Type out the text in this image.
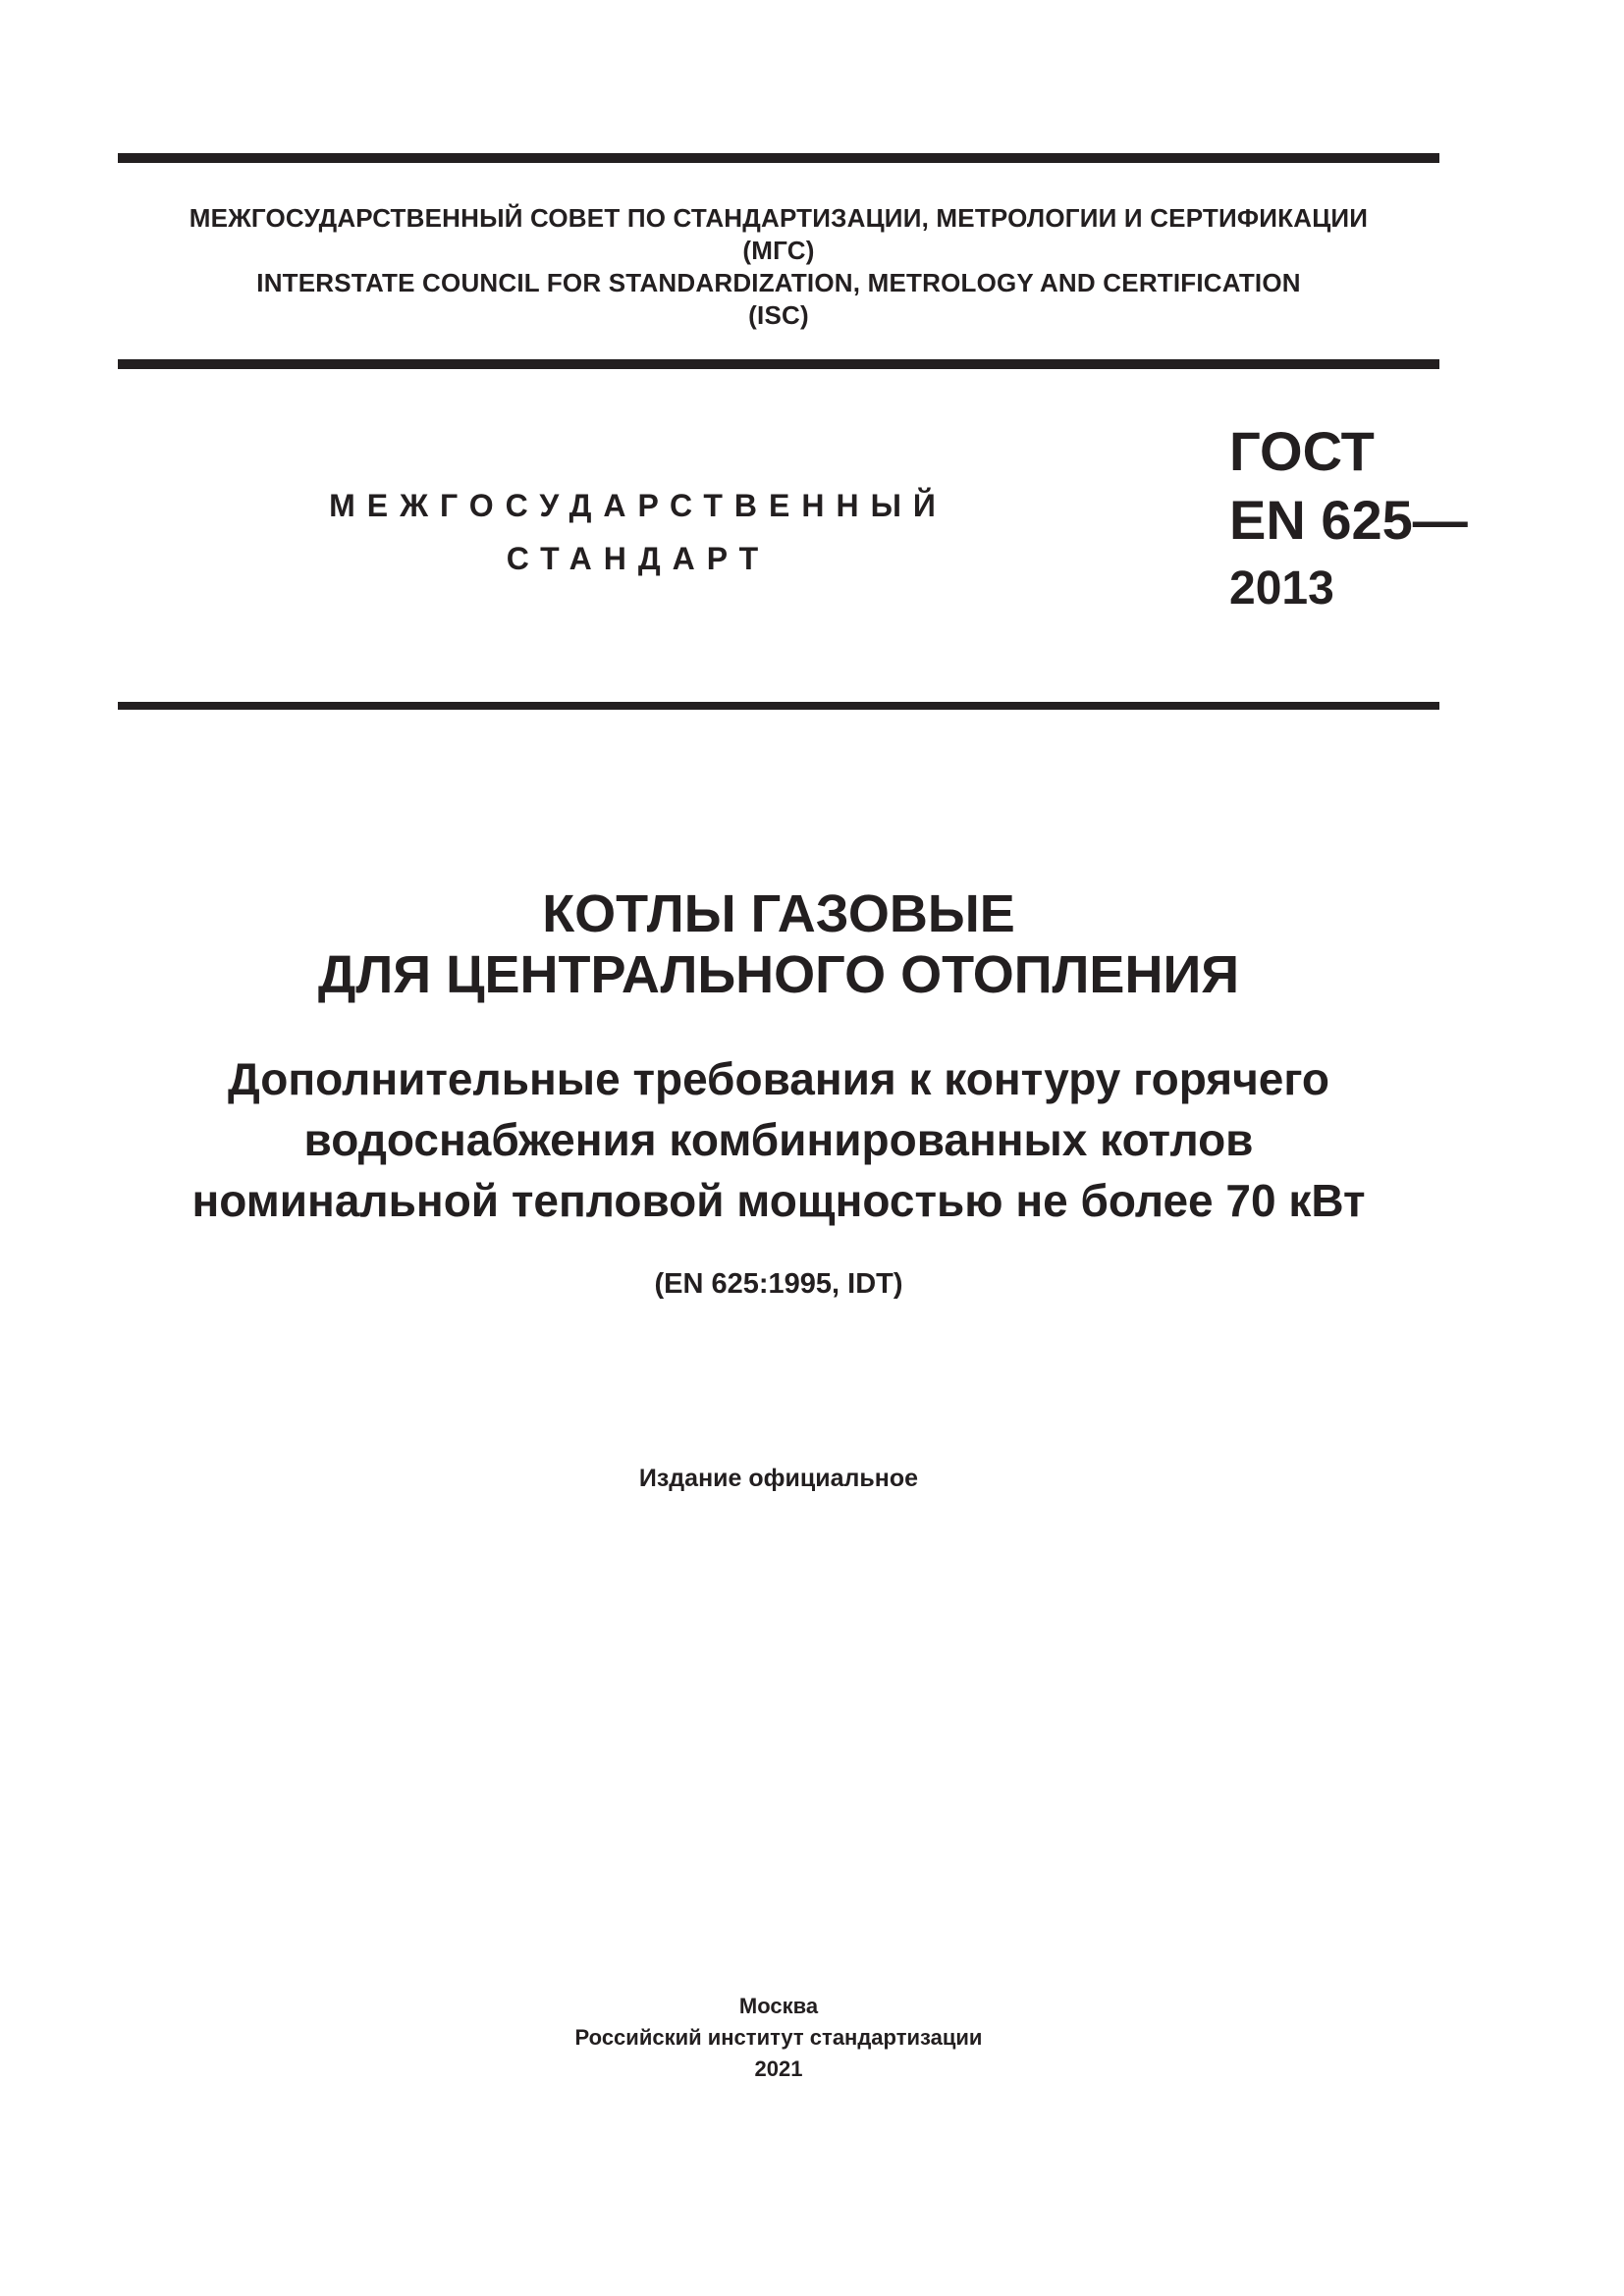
МЕЖГОСУДАРСТВЕННЫЙ СОВЕТ ПО СТАНДАРТИЗАЦИИ, МЕТРОЛОГИИ И СЕРТИФИКАЦИИ
(МГС)
INTERSTATE COUNCIL FOR STANDARDIZATION, METROLOGY AND CERTIFICATION
(ISC)
МЕЖГОСУДАРСТВЕННЫЙ
СТАНДАРТ
ГОСТ
EN 625—
2013
КОТЛЫ ГАЗОВЫЕ
ДЛЯ ЦЕНТРАЛЬНОГО ОТОПЛЕНИЯ
Дополнительные требования к контуру горячего
водоснабжения комбинированных котлов
номинальной тепловой мощностью не более 70 кВт
(EN 625:1995, IDT)
Издание официальное
Москва
Российский институт стандартизации
2021
